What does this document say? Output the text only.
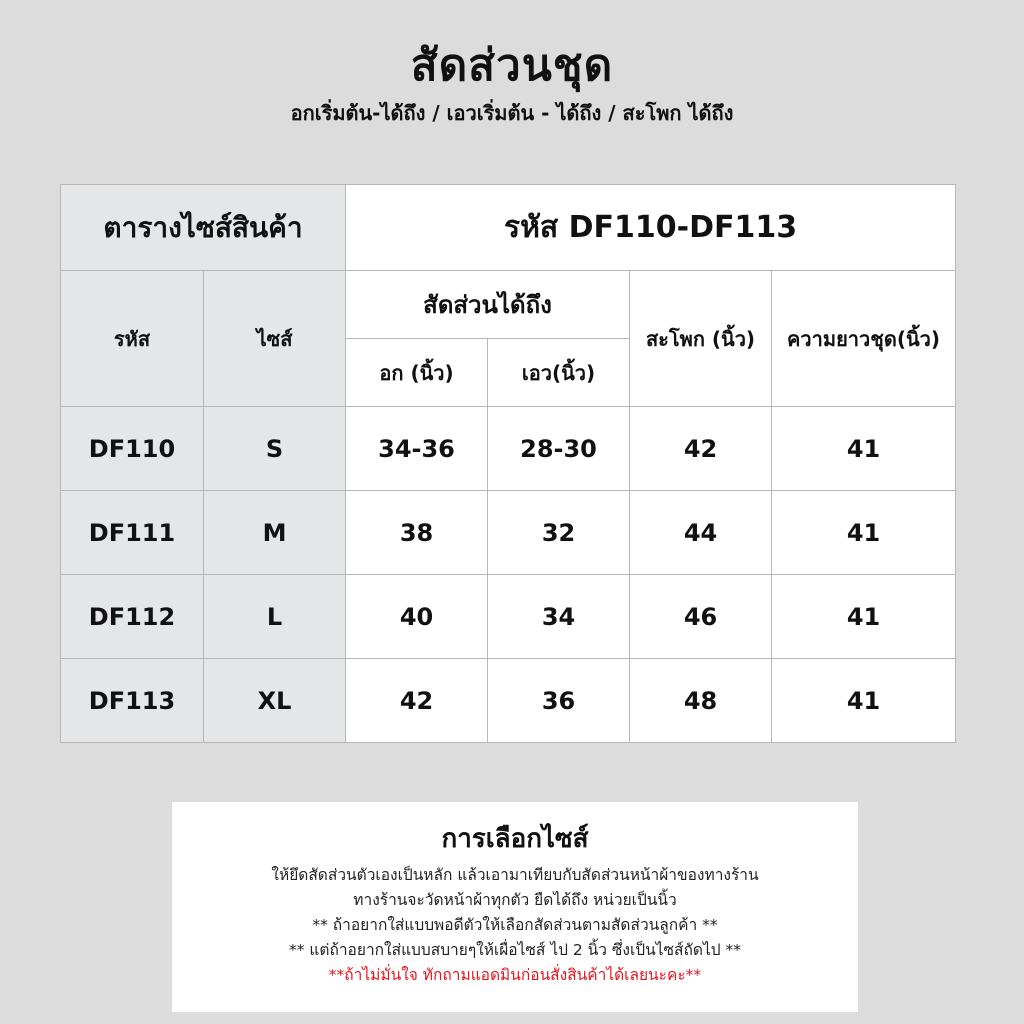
สัดส่วนชุด
อกเริ่มต้น-ได้ถึง / เอวเริ่มต้น - ได้ถึง / สะโพก ได้ถึง
ตารางไซส์สินค้า		รหัส DF110-DF113			
รหัส	ไซส์	สัดส่วนได้ถึง		สะโพก (นิ้ว)	ความยาวชุด(นิ้ว)
		อก (นิ้ว)	เอว(นิ้ว)		
DF110	S	34-36	28-30	42	41
DF111	M	38	32	44	41
DF112	L	40	34	46	41
DF113	XL	42	36	48	41
การเลือกไซส์
ให้ยึดสัดส่วนตัวเองเป็นหลัก แล้วเอามาเทียบกับสัดส่วนหน้าผ้าของทางร้าน
ทางร้านจะวัดหน้าผ้าทุกตัว ยืดได้ถึง หน่วยเป็นนิ้ว
** ถ้าอยากใส่แบบพอดีตัวให้เลือกสัดส่วนตามสัดส่วนลูกค้า **
** แต่ถ้าอยากใส่แบบสบายๆให้เผื่อไซส์ ไป 2 นิ้ว ซึ่งเป็นไซส์ถัดไป **
**ถ้าไม่มั่นใจ ทักถามแอดมินก่อนสั่งสินค้าได้เลยนะคะ**
